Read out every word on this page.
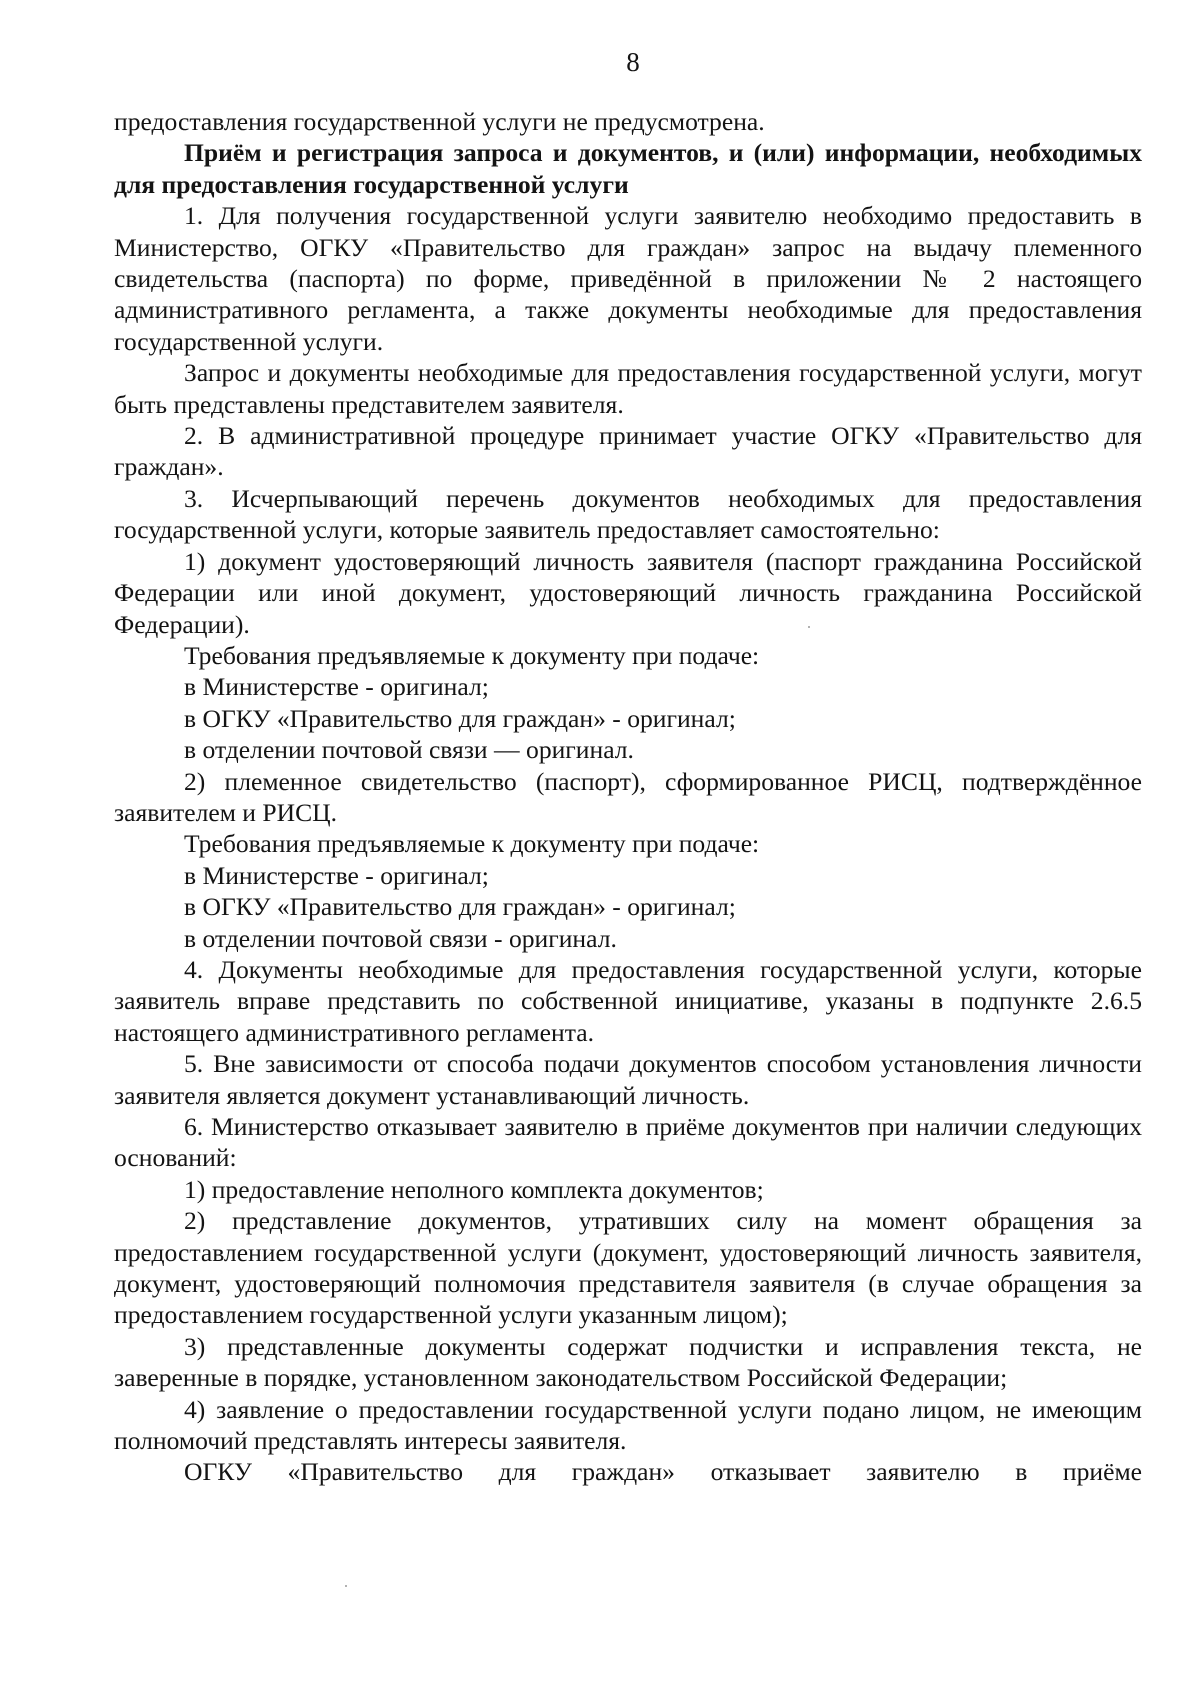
8

предоставления государственной услуги не предусмотрена.

Приём и регистрация запроса и документов, и (или) информации, необходимых для предоставления государственной услуги

1. Для получения государственной услуги заявителю необходимо предоставить в Министерство, ОГКУ «Правительство для граждан» запрос на выдачу племенного свидетельства (паспорта) по форме, приведённой в приложении № 2 настоящего административного регламента, а также документы необходимые для предоставления государственной услуги.

Запрос и документы необходимые для предоставления государственной услуги, могут быть представлены представителем заявителя.

2. В административной процедуре принимает участие ОГКУ «Правительство для граждан».

3. Исчерпывающий перечень документов необходимых для предоставления государственной услуги, которые заявитель предоставляет самостоятельно:

1) документ удостоверяющий личность заявителя (паспорт гражданина Российской Федерации или иной документ, удостоверяющий личность гражданина Российской Федерации).

Требования предъявляемые к документу при подаче:

в Министерстве - оригинал;

в ОГКУ «Правительство для граждан» - оригинал;

в отделении почтовой связи — оригинал.

2) племенное свидетельство (паспорт), сформированное РИСЦ, подтверждённое заявителем и РИСЦ.

Требования предъявляемые к документу при подаче:

в Министерстве - оригинал;

в ОГКУ «Правительство для граждан» - оригинал;

в отделении почтовой связи - оригинал.

4. Документы необходимые для предоставления государственной услуги, которые заявитель вправе представить по собственной инициативе, указаны в подпункте 2.6.5 настоящего административного регламента.

5. Вне зависимости от способа подачи документов способом установления личности заявителя является документ устанавливающий личность.

6. Министерство отказывает заявителю в приёме документов при наличии следующих оснований:

1) предоставление неполного комплекта документов;

2) представление документов, утративших силу на момент обращения за предоставлением государственной услуги (документ, удостоверяющий личность заявителя, документ, удостоверяющий полномочия представителя заявителя (в случае обращения за предоставлением государственной услуги указанным лицом);

3) представленные документы содержат подчистки и исправления текста, не заверенные в порядке, установленном законодательством Российской Федерации;

4) заявление о предоставлении государственной услуги подано лицом, не имеющим полномочий представлять интересы заявителя.

ОГКУ «Правительство для граждан» отказывает заявителю в приёме
